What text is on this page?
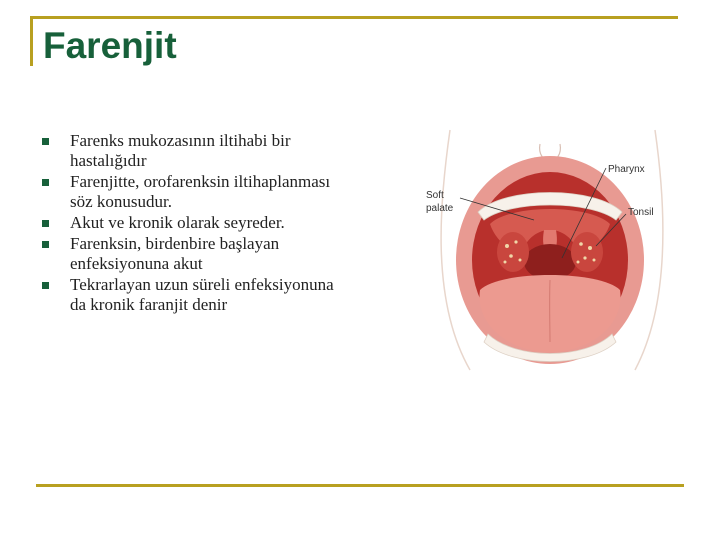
Farenjit
Farenks mukozasının iltihabi bir hastalığıdır
Farenjitte, orofarenksin iltihaplanması söz konusudur.
Akut ve kronik olarak seyreder.
Farenksin, birdenbire başlayan enfeksiyonuna akut
Tekrarlayan uzun süreli enfeksiyonuna da kronik faranjit denir
Pharynx
Soft
palate	Tonsil
